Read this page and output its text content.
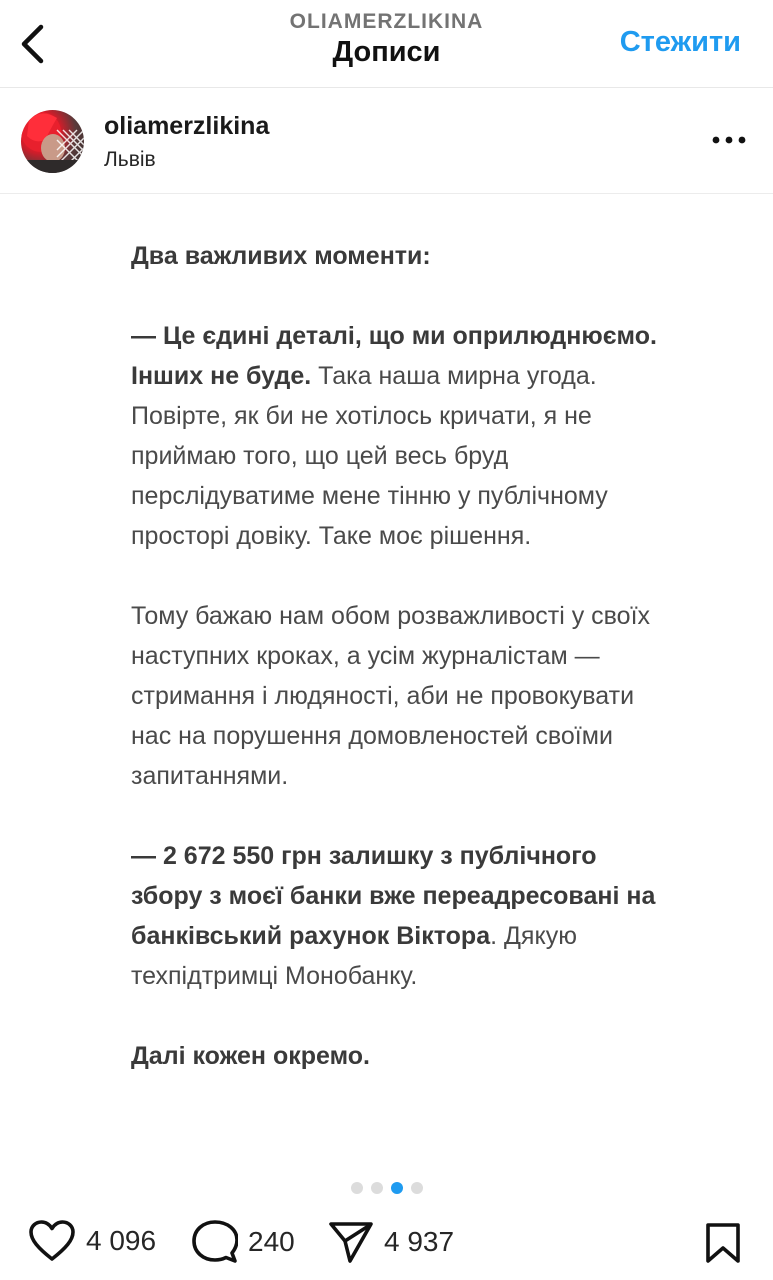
OLIAMERZLIKINA
Дописи	Стежити
oliamerzlikina
Львів

Два важливих моменти:

— Це єдині деталі, що ми оприлюднюємо. Інших не буде. Така наша мирна угода. Повірте, як би не хотілось кричати, я не приймаю того, що цей весь бруд перслідуватиме мене тінню у публічному просторі довіку. Таке моє рішення.

Тому бажаю нам обом розважливості у своїх наступних кроках, а усім журналістам — стримання і людяності, аби не провокувати нас на порушення домовленостей своїми запитаннями.

— 2 672 550 грн залишку з публічного збору з моєї банки вже переадресовані на банківський рахунок Віктора. Дякую техпідтримці Монобанку.

Далі кожен окремо.

4 096	240	4 937
